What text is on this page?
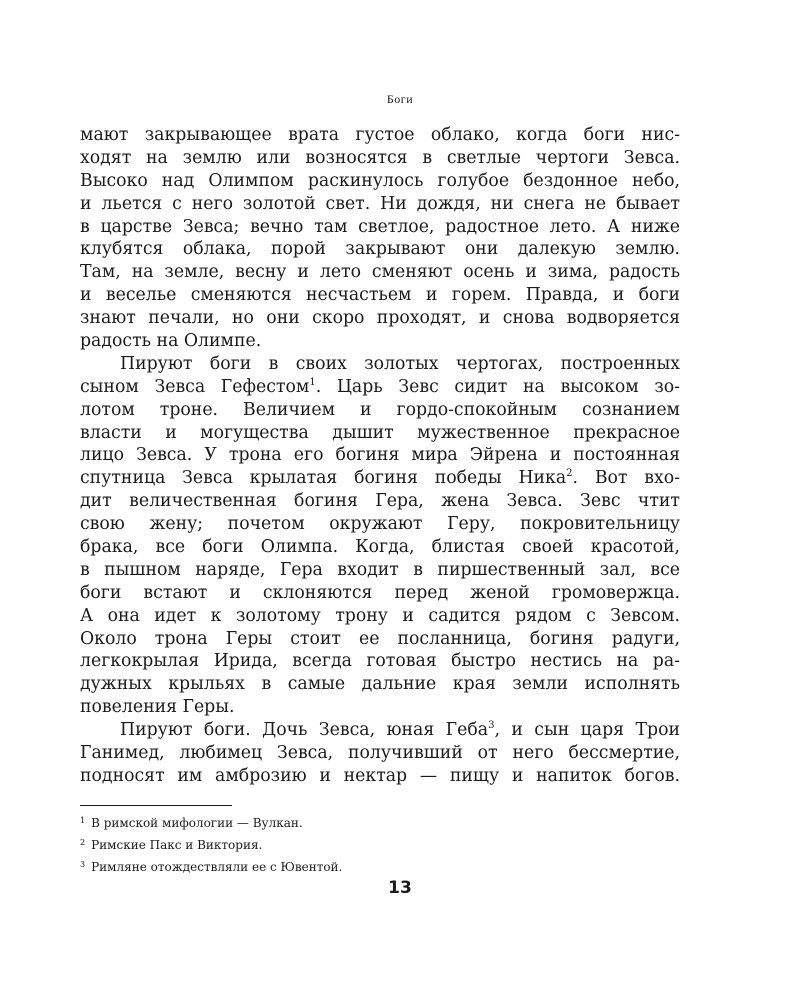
Боги
мают закрывающее врата густое облако, когда боги нис-
ходят на землю или возносятся в светлые чертоги Зевса.
Высоко над Олимпом раскинулось голубое бездонное небо,
и льется с него золотой свет. Ни дождя, ни снега не бывает
в царстве Зевса; вечно там светлое, радостное лето. А ниже
клубятся облака, порой закрывают они далекую землю.
Там, на земле, весну и лето сменяют осень и зима, радость
и веселье сменяются несчастьем и горем. Правда, и боги
знают печали, но они скоро проходят, и снова водворяется
радость на Олимпе.
Пируют боги в своих золотых чертогах, построенных
сыном Зевса Гефестом$^1$. Царь Зевс сидит на высоком зо-
лотом троне. Величием и гордо-спокойным сознанием
власти и могущества дышит мужественное прекрасное
лицо Зевса. У трона его богиня мира Эйрена и постоянная
спутница Зевса крылатая богиня победы Ника$^2$. Вот вхо-
дит величественная богиня Гера, жена Зевса. Зевс чтит
свою жену; почетом окружают Геру, покровительницу
брака, все боги Олимпа. Когда, блистая своей красотой,
в пышном наряде, Гера входит в пиршественный зал, все
боги встают и склоняются перед женой громовержца.
А она идет к золотому трону и садится рядом с Зевсом.
Около трона Геры стоит ее посланница, богиня радуги,
легкокрылая Ирида, всегда готовая быстро нестись на ра-
дужных крыльях в самые дальние края земли исполнять
повеления Геры.
Пируют боги. Дочь Зевса, юная Геба$^3$, и сын царя Трои
Ганимед, любимец Зевса, получивший от него бессмертие,
подносят им амброзию и нектар — пищу и напиток богов.
$^1$ В римской мифологии — Вулкан.
$^2$ Римские Пакс и Виктория.
$^3$ Римляне отождествляли ее с Ювентой.
13
